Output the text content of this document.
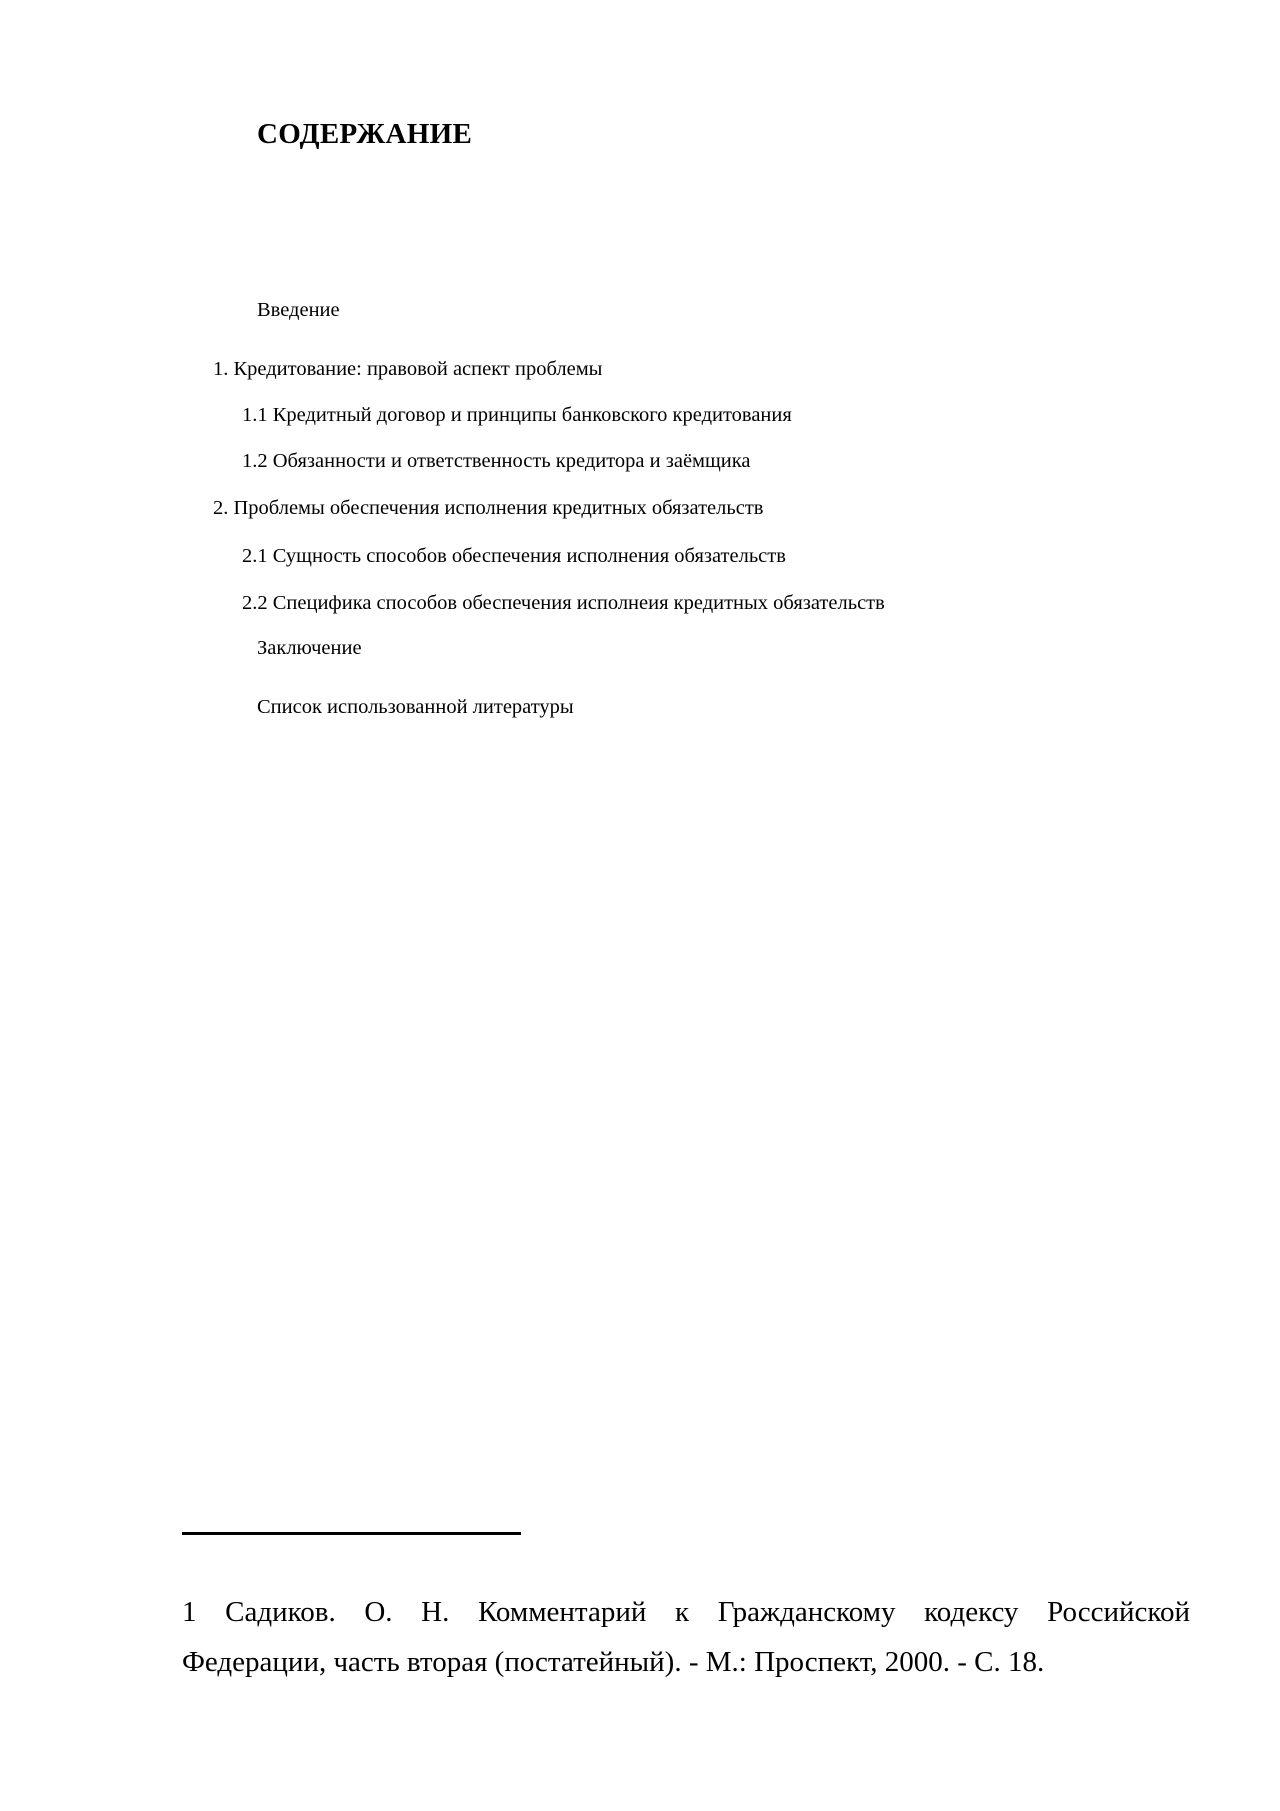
СОДЕРЖАНИЕ
Введение
1. Кредитование: правовой аспект проблемы
1.1 Кредитный договор и принципы банковского кредитования
1.2 Обязанности и ответственность кредитора и заёмщика
2. Проблемы обеспечения исполнения кредитных обязательств
2.1 Сущность способов обеспечения исполнения обязательств
2.2 Специфика способов обеспечения исполнеия кредитных обязательств
Заключение
Список использованной литературы
1 Садиков. О. Н. Комментарий к Гражданскому кодексу Российской
Федерации, часть вторая (постатейный). - М.: Проспект, 2000. - С. 18.
